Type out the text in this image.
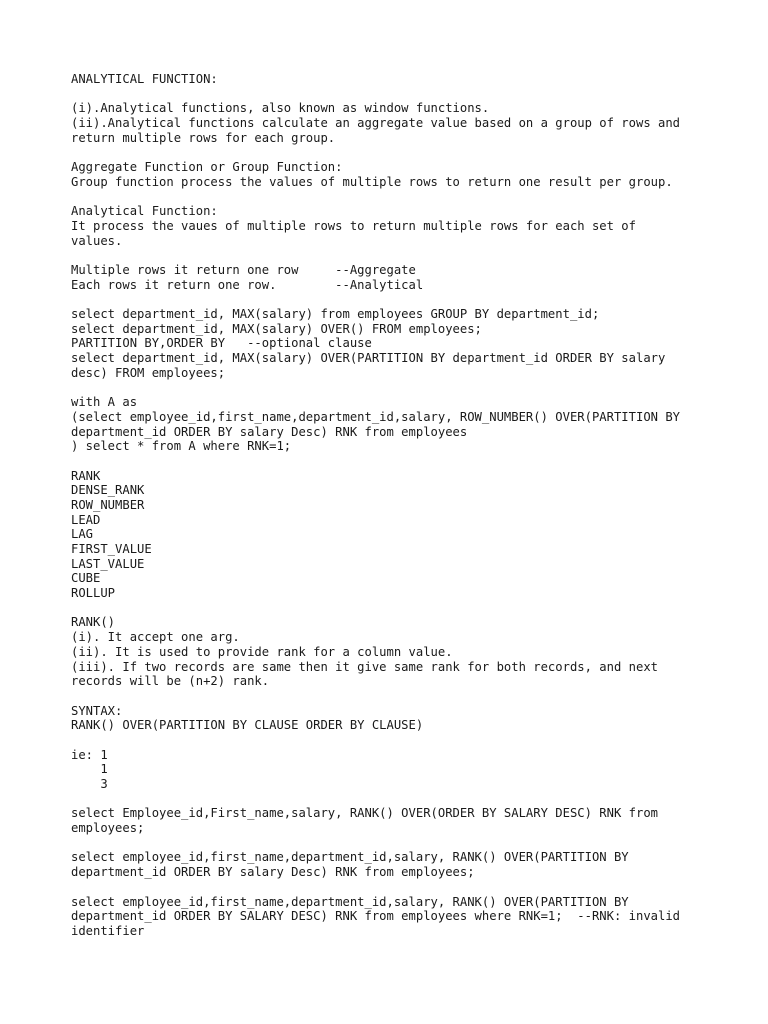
ANALYTICAL FUNCTION:
(i).Analytical functions, also known as window functions.
(ii).Analytical functions calculate an aggregate value based on a group of rows and
return multiple rows for each group.
Aggregate Function or Group Function:
Group function process the values of multiple rows to return one result per group.
Analytical Function:
It process the vaues of multiple rows to return multiple rows for each set of
values.
Multiple rows it return one row     --Aggregate
Each rows it return one row.        --Analytical
select department_id, MAX(salary) from employees GROUP BY department_id;
select department_id, MAX(salary) OVER() FROM employees;
PARTITION BY,ORDER BY   --optional clause
select department_id, MAX(salary) OVER(PARTITION BY department_id ORDER BY salary
desc) FROM employees;
with A as
(select employee_id,first_name,department_id,salary, ROW_NUMBER() OVER(PARTITION BY
department_id ORDER BY salary Desc) RNK from employees
) select * from A where RNK=1;
RANK
DENSE_RANK
ROW_NUMBER
LEAD
LAG
FIRST_VALUE
LAST_VALUE
CUBE
ROLLUP
RANK()
(i). It accept one arg.
(ii). It is used to provide rank for a column value.
(iii). If two records are same then it give same rank for both records, and next
records will be (n+2) rank.
SYNTAX:
RANK() OVER(PARTITION BY CLAUSE ORDER BY CLAUSE)
ie: 1
1
3
select Employee_id,First_name,salary, RANK() OVER(ORDER BY SALARY DESC) RNK from
employees;
select employee_id,first_name,department_id,salary, RANK() OVER(PARTITION BY
department_id ORDER BY salary Desc) RNK from employees;
select employee_id,first_name,department_id,salary, RANK() OVER(PARTITION BY
department_id ORDER BY SALARY DESC) RNK from employees where RNK=1;  --RNK: invalid
identifier
